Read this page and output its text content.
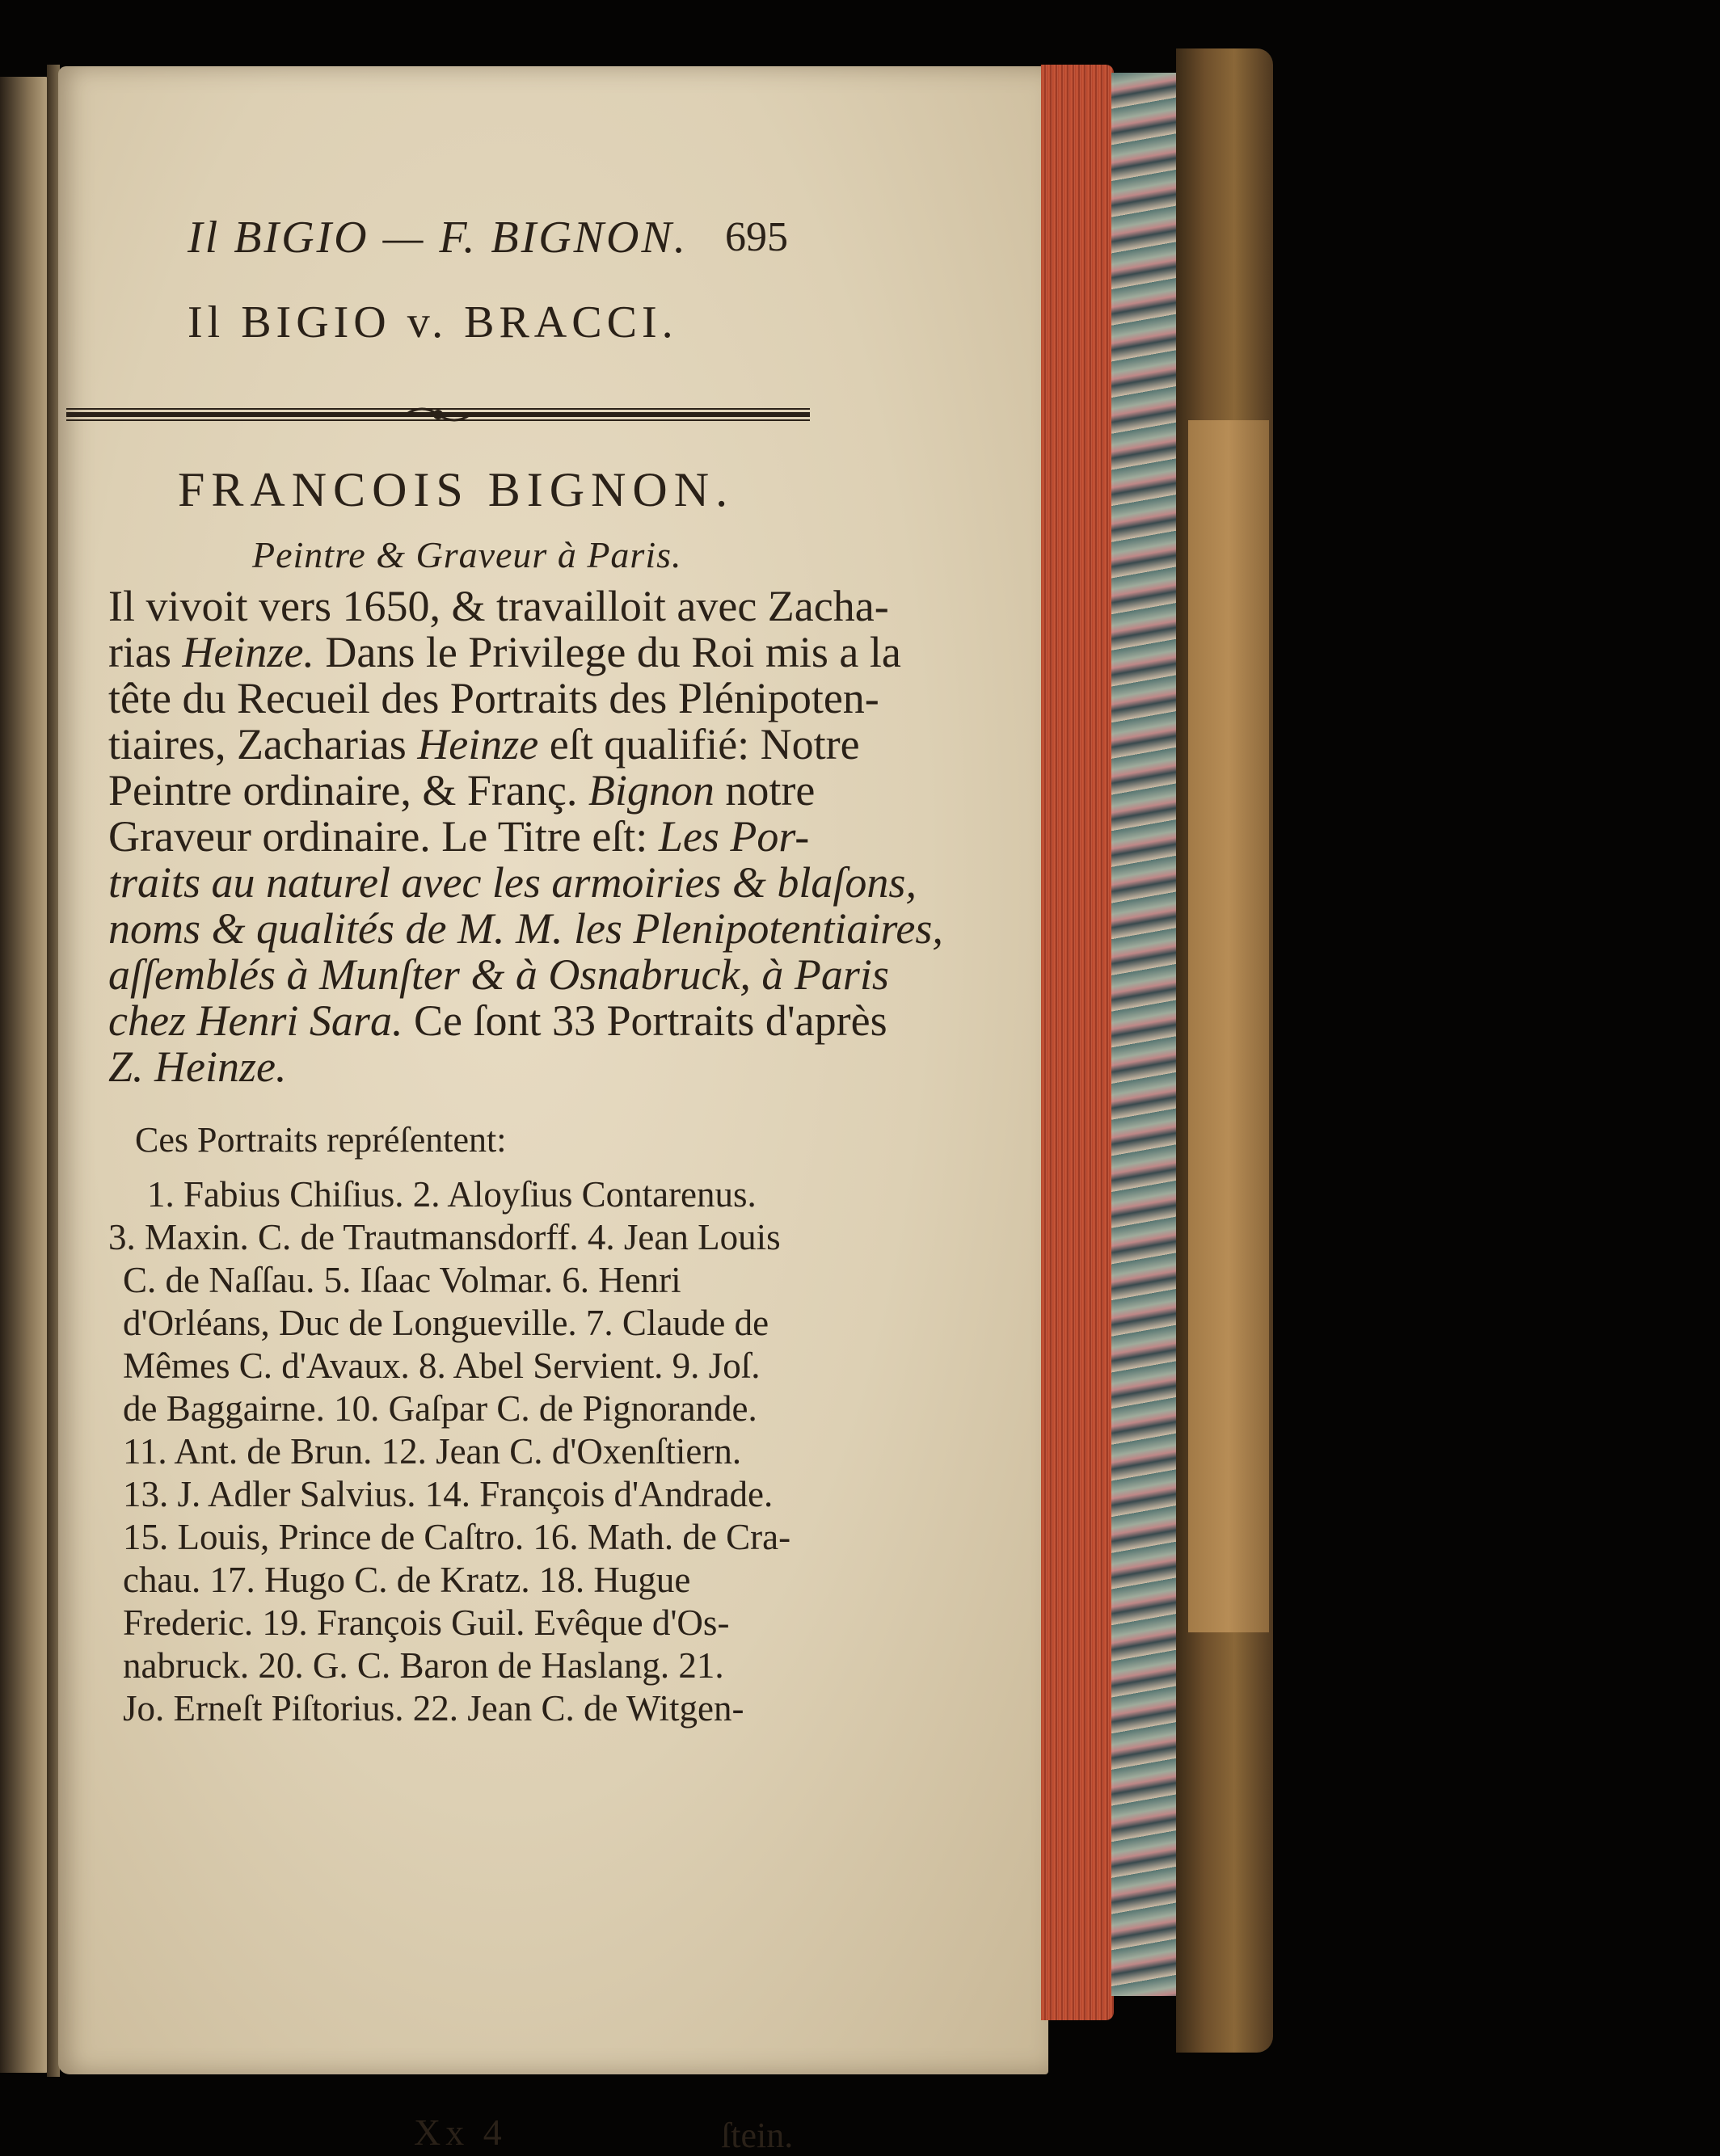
Il BIGIO — F. BIGNON. 695
Il BIGIO v. BRACCI.
FRANCOIS BIGNON.
Peintre & Graveur à Paris.
Il vivoit vers 1650, & travailloit avec Zacha-
rias Heinze. Dans le Privilege du Roi mis a la
tête du Recueil des Portraits des Plénipoten-
tiaires, Zacharias Heinze eſt qualifié: Notre
Peintre ordinaire, & Franç. Bignon notre
Graveur ordinaire. Le Titre eſt: Les Por-
traits au naturel avec les armoiries & blaſons,
noms & qualités de M. M. les Plenipotentiaires,
aſſemblés à Munſter & à Osnabruck, à Paris
chez Henri Sara. Ce ſont 33 Portraits d'après
Z. Heinze.
Ces Portraits repréſentent:
1. Fabius Chiſius. 2. Aloyſius Contarenus.
3. Maxin. C. de Trautmansdorff. 4. Jean Louis
C. de Naſſau. 5. Iſaac Volmar. 6. Henri
d'Orléans, Duc de Longueville. 7. Claude de
Mêmes C. d'Avaux. 8. Abel Servient. 9. Joſ.
de Baggairne. 10. Gaſpar C. de Pignorande.
11. Ant. de Brun. 12. Jean C. d'Oxenſtiern.
13. J. Adler Salvius. 14. François d'Andrade.
15. Louis, Prince de Caſtro. 16. Math. de Cra-
chau. 17. Hugo C. de Kratz. 18. Hugue
Frederic. 19. François Guil. Evêque d'Os-
nabruck. 20. G. C. Baron de Haslang. 21.
Jo. Erneſt Piſtorius. 22. Jean C. de Witgen-
Xx 4	ſtein.
